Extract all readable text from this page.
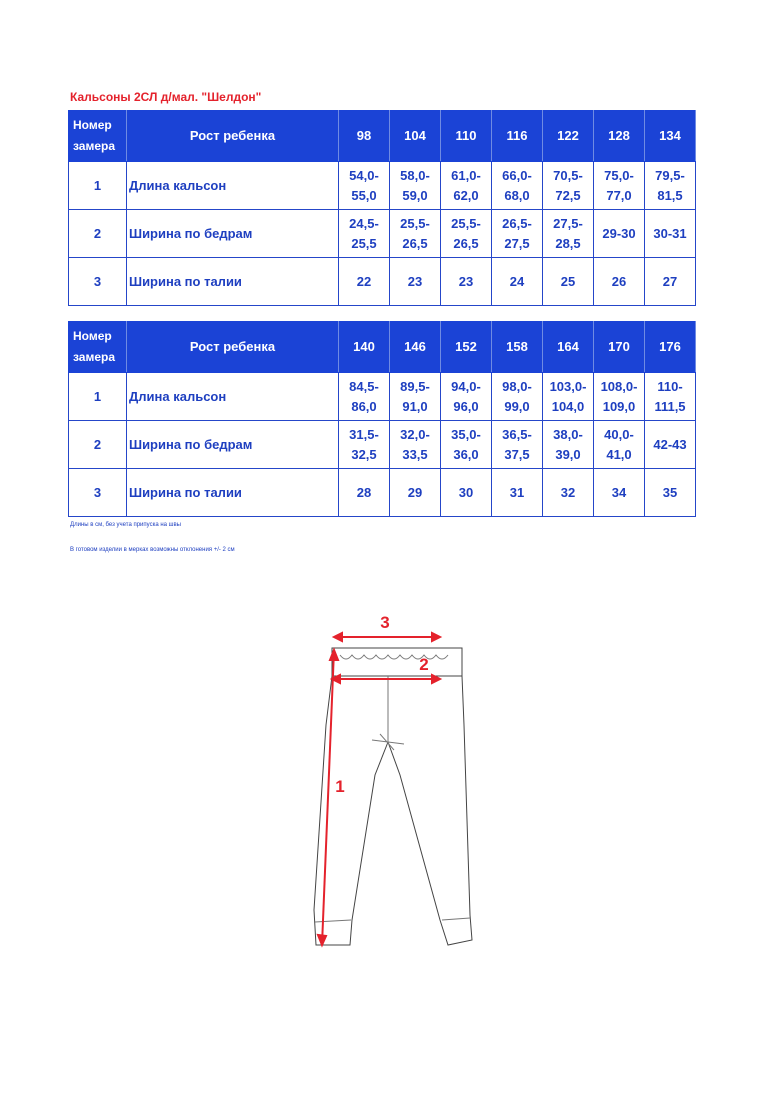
Кальсоны 2СЛ д/мал. "Шелдон"
Номер замера	Рост ребенка	98	104	110	116	122	128	134
1	Длина кальсон	54,0-55,0	58,0-59,0	61,0-62,0	66,0-68,0	70,5-72,5	75,0-77,0	79,5-81,5
2	Ширина по бедрам	24,5-25,5	25,5-26,5	25,5-26,5	26,5-27,5	27,5-28,5	29-30	30-31
3	Ширина по талии	22	23	23	24	25	26	27
Номер замера	Рост ребенка	140	146	152	158	164	170	176
1	Длина кальсон	84,5-86,0	89,5-91,0	94,0-96,0	98,0-99,0	103,0-104,0	108,0-109,0	110-111,5
2	Ширина по бедрам	31,5-32,5	32,0-33,5	35,0-36,0	36,5-37,5	38,0-39,0	40,0-41,0	42-43
3	Ширина по талии	28	29	30	31	32	34	35
Длины в см, без учета припуска на швы
В готовом изделии в мерках возможны отклонения +/- 2 см
3
2
1
